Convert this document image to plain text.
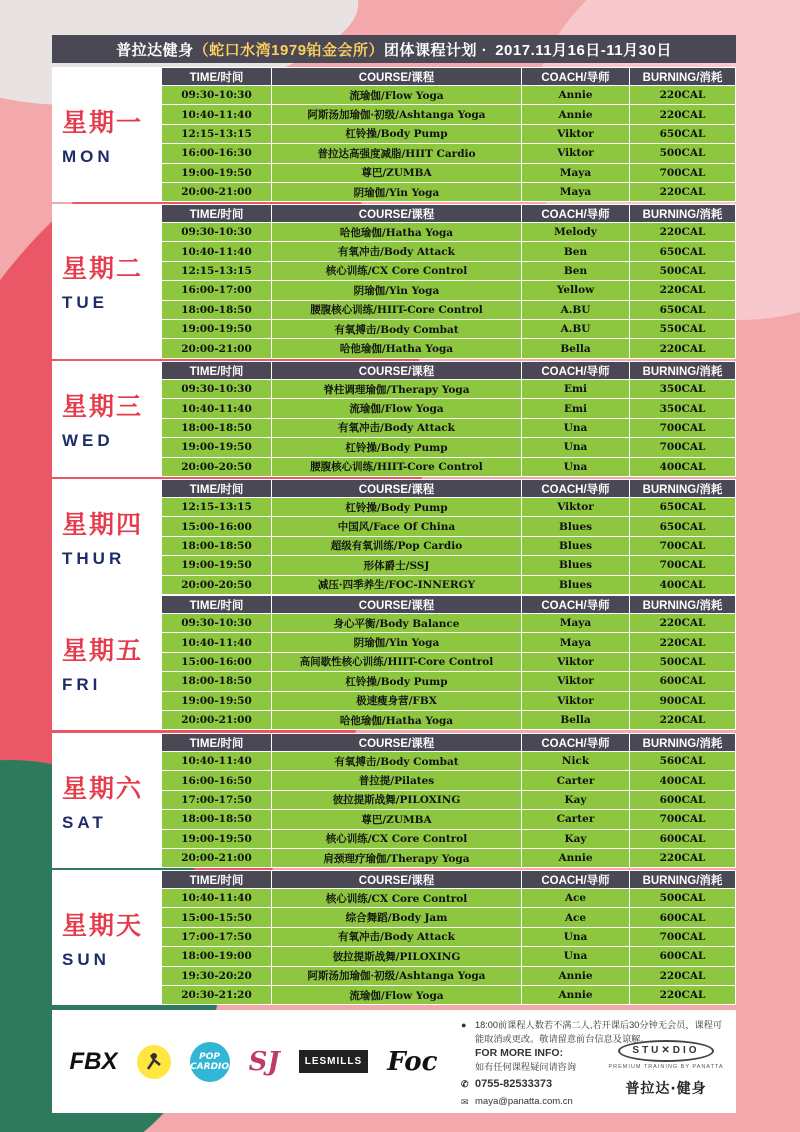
普拉达健身 （蛇口水湾1979铂金会所） 团体课程计划 · 2017.11月16日-11月30日
星期一
MON
TIME/时间	COURSE/课程	COACH/导师	BURNING/消耗
09:30-10:30	流瑜伽/Flow Yoga	Annie	220CAL
10:40-11:40	阿斯汤加瑜伽·初级/Ashtanga Yoga	Annie	220CAL
12:15-13:15	杠铃操/Body Pump	Viktor	650CAL
16:00-16:30	普拉达高强度减脂/HIIT Cardio	Viktor	500CAL
19:00-19:50	尊巴/ZUMBA	Maya	700CAL
20:00-21:00	阴瑜伽/Yin Yoga	Maya	220CAL
星期二
TUE
TIME/时间	COURSE/课程	COACH/导师	BURNING/消耗
09:30-10:30	哈他瑜伽/Hatha Yoga	Melody	220CAL
10:40-11:40	有氧冲击/Body Attack	Ben	650CAL
12:15-13:15	核心训练/CX Core Control	Ben	500CAL
16:00-17:00	阴瑜伽/Yin Yoga	Yellow	220CAL
18:00-18:50	腰腹核心训练/HIIT-Core Control	A.BU	650CAL
19:00-19:50	有氧搏击/Body Combat	A.BU	550CAL
20:00-21:00	哈他瑜伽/Hatha Yoga	Bella	220CAL
星期三
WED
TIME/时间	COURSE/课程	COACH/导师	BURNING/消耗
09:30-10:30	脊柱调理瑜伽/Therapy Yoga	Emi	350CAL
10:40-11:40	流瑜伽/Flow Yoga	Emi	350CAL
18:00-18:50	有氧冲击/Body Attack	Una	700CAL
19:00-19:50	杠铃操/Body Pump	Una	700CAL
20:00-20:50	腰腹核心训练/HIIT-Core Control	Una	400CAL
星期四
THUR
TIME/时间	COURSE/课程	COACH/导师	BURNING/消耗
12:15-13:15	杠铃操/Body Pump	Viktor	650CAL
15:00-16:00	中国风/Face Of China	Blues	650CAL
18:00-18:50	超级有氧训练/Pop Cardio	Blues	700CAL
19:00-19:50	形体爵士/SSJ	Blues	700CAL
20:00-20:50	减压·四季养生/FOC-INNERGY	Blues	400CAL
星期五
FRI
TIME/时间	COURSE/课程	COACH/导师	BURNING/消耗
09:30-10:30	身心平衡/Body Balance	Maya	220CAL
10:40-11:40	阴瑜伽/Yin Yoga	Maya	220CAL
15:00-16:00	高间歇性核心训练/HIIT-Core Control	Viktor	500CAL
18:00-18:50	杠铃操/Body Pump	Viktor	600CAL
19:00-19:50	极速瘦身营/FBX	Viktor	900CAL
20:00-21:00	哈他瑜伽/Hatha Yoga	Bella	220CAL
星期六
SAT
TIME/时间	COURSE/课程	COACH/导师	BURNING/消耗
10:40-11:40	有氧搏击/Body Combat	Nick	560CAL
16:00-16:50	普拉提/Pilates	Carter	400CAL
17:00-17:50	彼拉提斯战舞/PILOXING	Kay	600CAL
18:00-18:50	尊巴/ZUMBA	Carter	700CAL
19:00-19:50	核心训练/CX Core Control	Kay	600CAL
20:00-21:00	肩颈理疗瑜伽/Therapy Yoga	Annie	220CAL
星期天
SUN
TIME/时间	COURSE/课程	COACH/导师	BURNING/消耗
10:40-11:40	核心训练/CX Core Control	Ace	500CAL
15:00-15:50	综合舞蹈/Body Jam	Ace	600CAL
17:00-17:50	有氧冲击/Body Attack	Una	700CAL
18:00-19:00	彼拉提斯战舞/PILOXING	Una	600CAL
19:30-20:20	阿斯汤加瑜伽·初级/Ashtanga Yoga	Annie	220CAL
20:30-21:20	流瑜伽/Flow Yoga	Annie	220CAL
FBX	POP CARDIO SJ	LESMILLS Foc
● 18:00前课程人数若不满二人,若开课后30分钟无会员，课程可能取消或更改。敬请留意前台信息及谅解。
FOR MORE INFO:
如有任何课程疑问请咨询
✆ 0755-82533373
✉ maya@panatta.com.cn
STU✕DIO
PREMIUM TRAINING BY PANATTA
普拉达·健身
